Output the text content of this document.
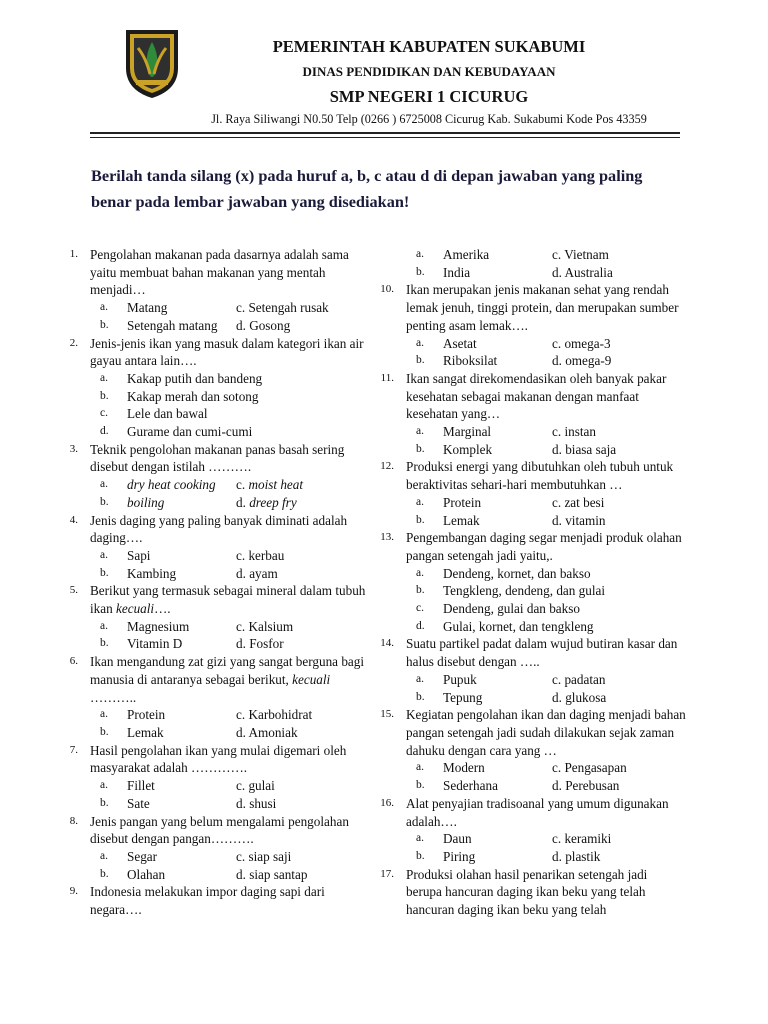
PEMERINTAH KABUPATEN SUKABUMI
DINAS PENDIDIKAN DAN KEBUDAYAAN
SMP NEGERI 1 CICURUG
Jl. Raya Siliwangi N0.50 Telp (0266 ) 6725008 Cicurug Kab. Sukabumi Kode Pos 43359
Berilah tanda silang (x) pada huruf a, b, c atau d di depan jawaban yang paling benar pada lembar jawaban yang disediakan!
1. Pengolahan makanan pada dasarnya adalah sama yaitu membuat bahan makanan yang mentah menjadi…
a.	Matang	c. Setengah rusak
b.	Setengah matang	d. Gosong
2. Jenis-jenis ikan yang masuk dalam kategori ikan air gayau antara lain….
a.	Kakap putih dan bandeng
b.	Kakap merah dan sotong
c.	Lele dan bawal
d.	Gurame dan cumi-cumi
3. Teknik pengolohan makanan panas basah sering disebut dengan istilah ……….
a.	dry heat cooking	c. moist heat
b.	boiling	d. dreep fry
4. Jenis daging yang paling banyak diminati adalah daging….
a.	Sapi	c. kerbau
b.	Kambing	d. ayam
5. Berikut yang termasuk sebagai mineral dalam tubuh ikan kecuali….
a.	Magnesium	c. Kalsium
b.	Vitamin D	d. Fosfor
6. Ikan mengandung zat gizi yang sangat berguna bagi manusia di antaranya sebagai berikut, kecuali ………..
a.	Protein	c. Karbohidrat
b.	Lemak	d. Amoniak
7. Hasil pengolahan ikan yang mulai digemari oleh masyarakat adalah ………….
a.	Fillet	c. gulai
b.	Sate	d. shusi
8. Jenis pangan yang belum mengalami pengolahan disebut dengan pangan……….
a.	Segar	c. siap saji
b.	Olahan	d. siap santap
9. Indonesia melakukan impor daging sapi dari negara….
a.	Amerika	c. Vietnam
b.	India	d. Australia
10. Ikan merupakan jenis makanan sehat yang rendah lemak jenuh, tinggi protein, dan merupakan sumber penting asam lemak….
a.	Asetat	c. omega-3
b.	Riboksilat	d. omega-9
11. Ikan sangat direkomendasikan oleh banyak pakar kesehatan sebagai makanan dengan manfaat kesehatan yang…
a.	Marginal	c. instan
b.	Komplek	d. biasa saja
12. Produksi energi yang dibutuhkan oleh tubuh untuk beraktivitas sehari-hari membutuhkan …
a.	Protein	c. zat besi
b.	Lemak	d. vitamin
13. Pengembangan daging segar menjadi produk olahan pangan setengah jadi yaitu,.
a.	Dendeng, kornet, dan bakso
b.	Tengkleng, dendeng, dan gulai
c.	Dendeng, gulai dan bakso
d.	Gulai, kornet, dan tengkleng
14. Suatu partikel padat dalam wujud butiran kasar dan halus disebut dengan …..
a.	Pupuk	c. padatan
b.	Tepung	d. glukosa
15. Kegiatan pengolahan ikan dan daging menjadi bahan pangan setengah jadi sudah dilakukan sejak zaman dahuku dengan cara yang …
a.	Modern	c. Pengasapan
b.	Sederhana	d. Perebusan
16. Alat penyajian tradisoanal yang umum digunakan adalah….
a.	Daun	c. keramiki
b.	Piring	d. plastik
17. Produksi olahan hasil penarikan setengah jadi berupa hancuran daging ikan beku yang telah hancuran daging ikan beku yang telah
